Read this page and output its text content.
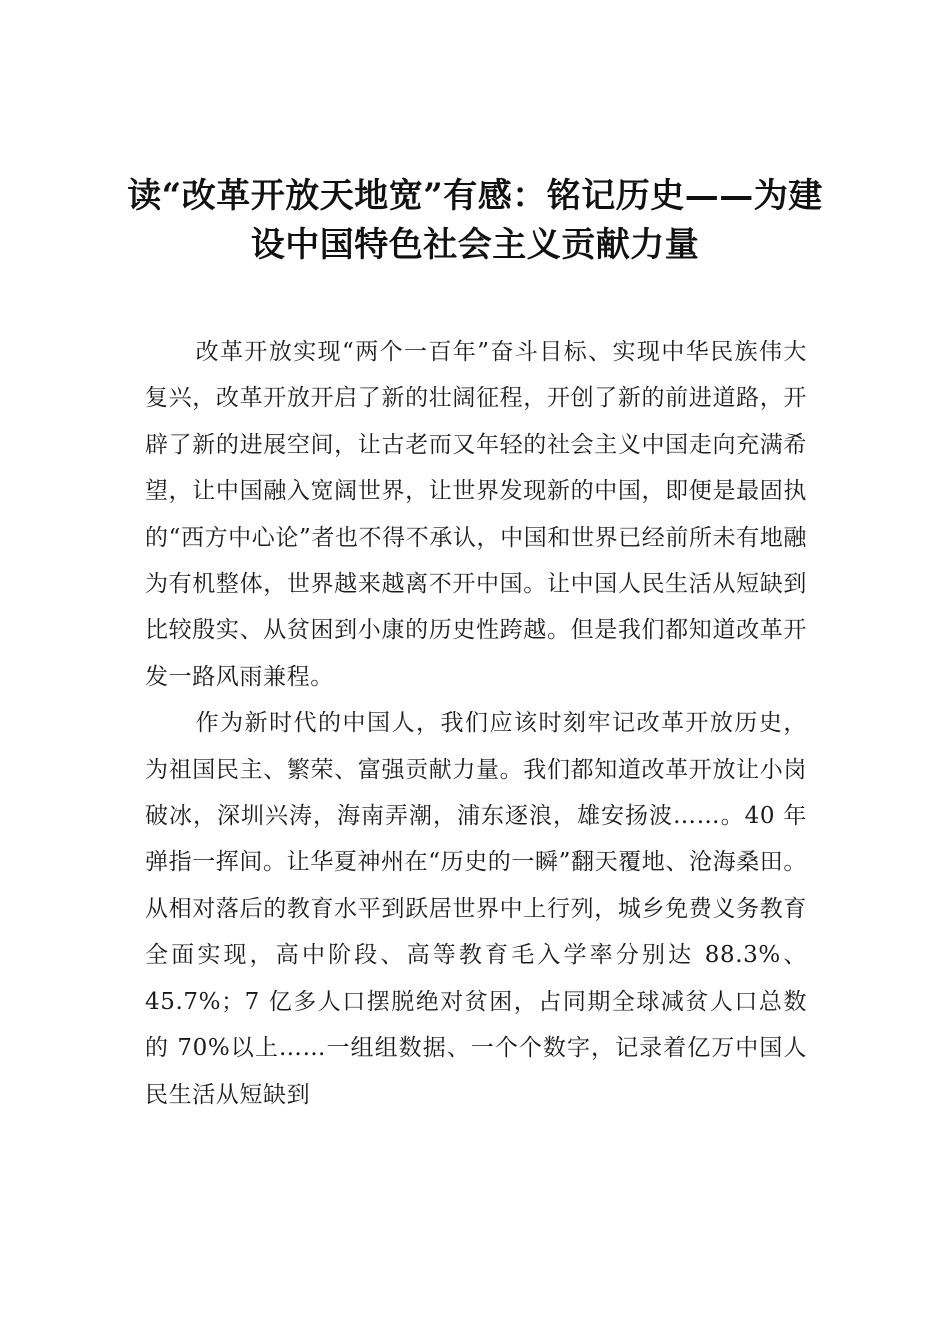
读“改革开放天地宽”有感：铭记历史——为建设中国特色社会主义贡献力量

改革开放实现“两个一百年”奋斗目标、实现中华民族伟大复兴，改革开放开启了新的壮阔征程，开创了新的前进道路，开辟了新的进展空间，让古老而又年轻的社会主义中国走向充满希望，让中国融入宽阔世界，让世界发现新的中国，即便是最固执的“西方中心论”者也不得不承认，中国和世界已经前所未有地融为有机整体，世界越来越离不开中国。让中国人民生活从短缺到比较殷实、从贫困到小康的历史性跨越。但是我们都知道改革开发一路风雨兼程。

作为新时代的中国人，我们应该时刻牢记改革开放历史，为祖国民主、繁荣、富强贡献力量。我们都知道改革开放让小岗破冰，深圳兴涛，海南弄潮，浦东逐浪，雄安扬波……。40 年弹指一挥间。让华夏神州在“历史的一瞬”翻天覆地、沧海桑田。 从相对落后的教育水平到跃居世界中上行列，城乡免费义务教育全面实现，高中阶段、高等教育毛入学率分别达 88.3%、45.7%；7 亿多人口摆脱绝对贫困，占同期全球减贫人口总数的 70%以上……一组组数据、一个个数字，记录着亿万中国人民生活从短缺到
